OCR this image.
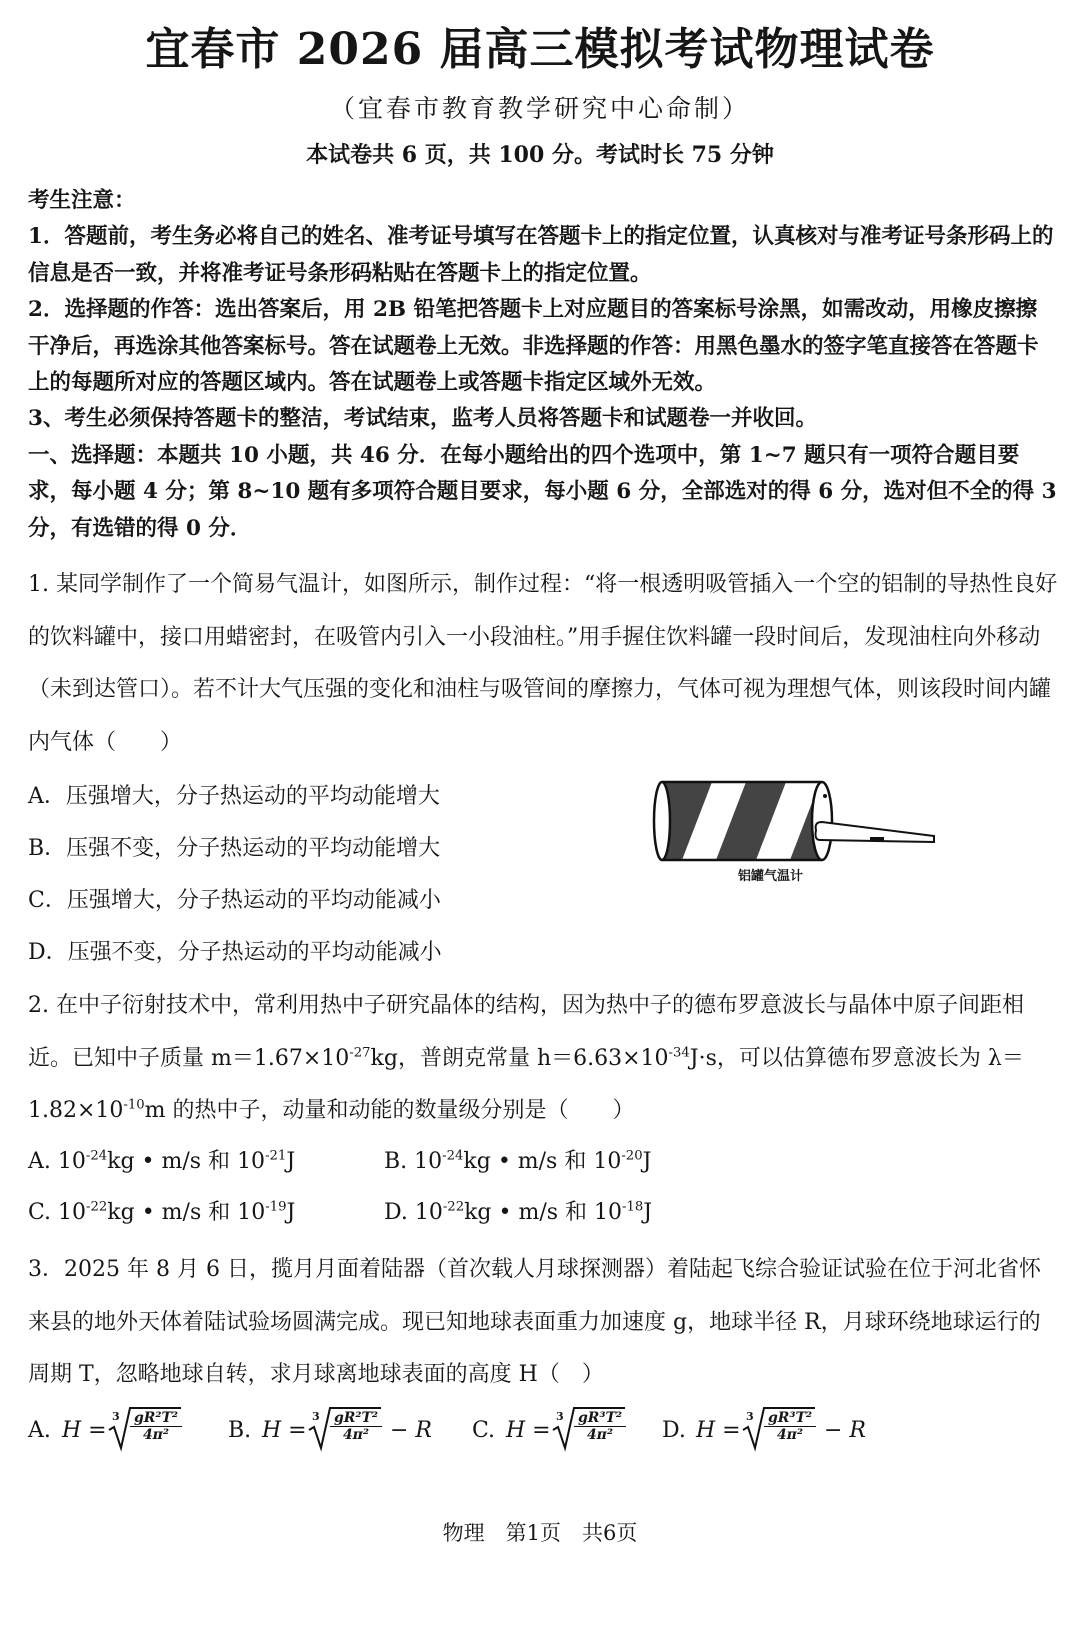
宜春市 2026 届高三模拟考试物理试卷
（宜春市教育教学研究中心命制）
本试卷共 6 页，共 100 分。考试时长 75 分钟

考生注意：

1．答题前，考生务必将自己的姓名、准考证号填写在答题卡上的指定位置，认真核对与准考证号条形码上的信息是否一致，并将准考证号条形码粘贴在答题卡上的指定位置。

2．选择题的作答：选出答案后，用 2B 铅笔把答题卡上对应题目的答案标号涂黑，如需改动，用橡皮擦擦干净后，再选涂其他答案标号。答在试题卷上无效。非选择题的作答：用黑色墨水的签字笔直接答在答题卡上的每题所对应的答题区域内。答在试题卷上或答题卡指定区域外无效。

3、考生必须保持答题卡的整洁，考试结束，监考人员将答题卡和试题卷一并收回。

一、选择题：本题共 10 小题，共 46 分．在每小题给出的四个选项中，第 1~7 题只有一项符合题目要求，每小题 4 分；第 8~10 题有多项符合题目要求，每小题 6 分，全部选对的得 6 分，选对但不全的得 3 分，有选错的得 0 分．

1. 某同学制作了一个简易气温计，如图所示，制作过程：“将一根透明吸管插入一个空的铝制的导热性良好的饮料罐中，接口用蜡密封，在吸管内引入一小段油柱。”用手握住饮料罐一段时间后，发现油柱向外移动（未到达管口）。若不计大气压强的变化和油柱与吸管间的摩擦力，气体可视为理想气体，则该段时间内罐内气体（　　）

A．压强增大，分子热运动的平均动能增大
B．压强不变，分子热运动的平均动能增大
C．压强增大，分子热运动的平均动能减小
D．压强不变，分子热运动的平均动能减小
铝罐气温计

2. 在中子衍射技术中，常利用热中子研究晶体的结构，因为热中子的德布罗意波长与晶体中原子间距相近。已知中子质量 $m=1.67\times 10^{-27}kg$，普朗克常量 $h=6.63\times 10^{-34}J\cdot s$，可以估算德布罗意波长为 $\lambda=1.82\times 10^{-10}m$ 的热中子，动量和动能的数量级分别是（　　）

A. $10^{-24}kg$ • m/s 和 $10^{-21}J$	B. $10^{-24}kg$ • m/s 和 $10^{-20}J$
C. $10^{-22}kg$ • m/s 和 $10^{-19}J$	D. $10^{-22}kg$ • m/s 和 $10^{-18}J$

3．2025 年 8 月 6 日，揽月月面着陆器（首次载人月球探测器）着陆起飞综合验证试验在位于河北省怀来县的地外天体着陆试验场圆满完成。现已知地球表面重力加速度 g，地球半径 R，月球环绕地球运行的周期 T，忽略地球自转，求月球离地球表面的高度 H（　）

A. H =
$3 \frac{\text{gR²T²}}{\text{4π²}} B$. H =
$3 \frac{\text{gR²T²}}{\text{4π²}} - R$ C. H =
$3 \frac{\text{gR³T²}}{\text{4π²}} D$. H =
$3 \frac{\text{gR³T²}}{\text{4π²}} - R$
物理　第1页　共6页
